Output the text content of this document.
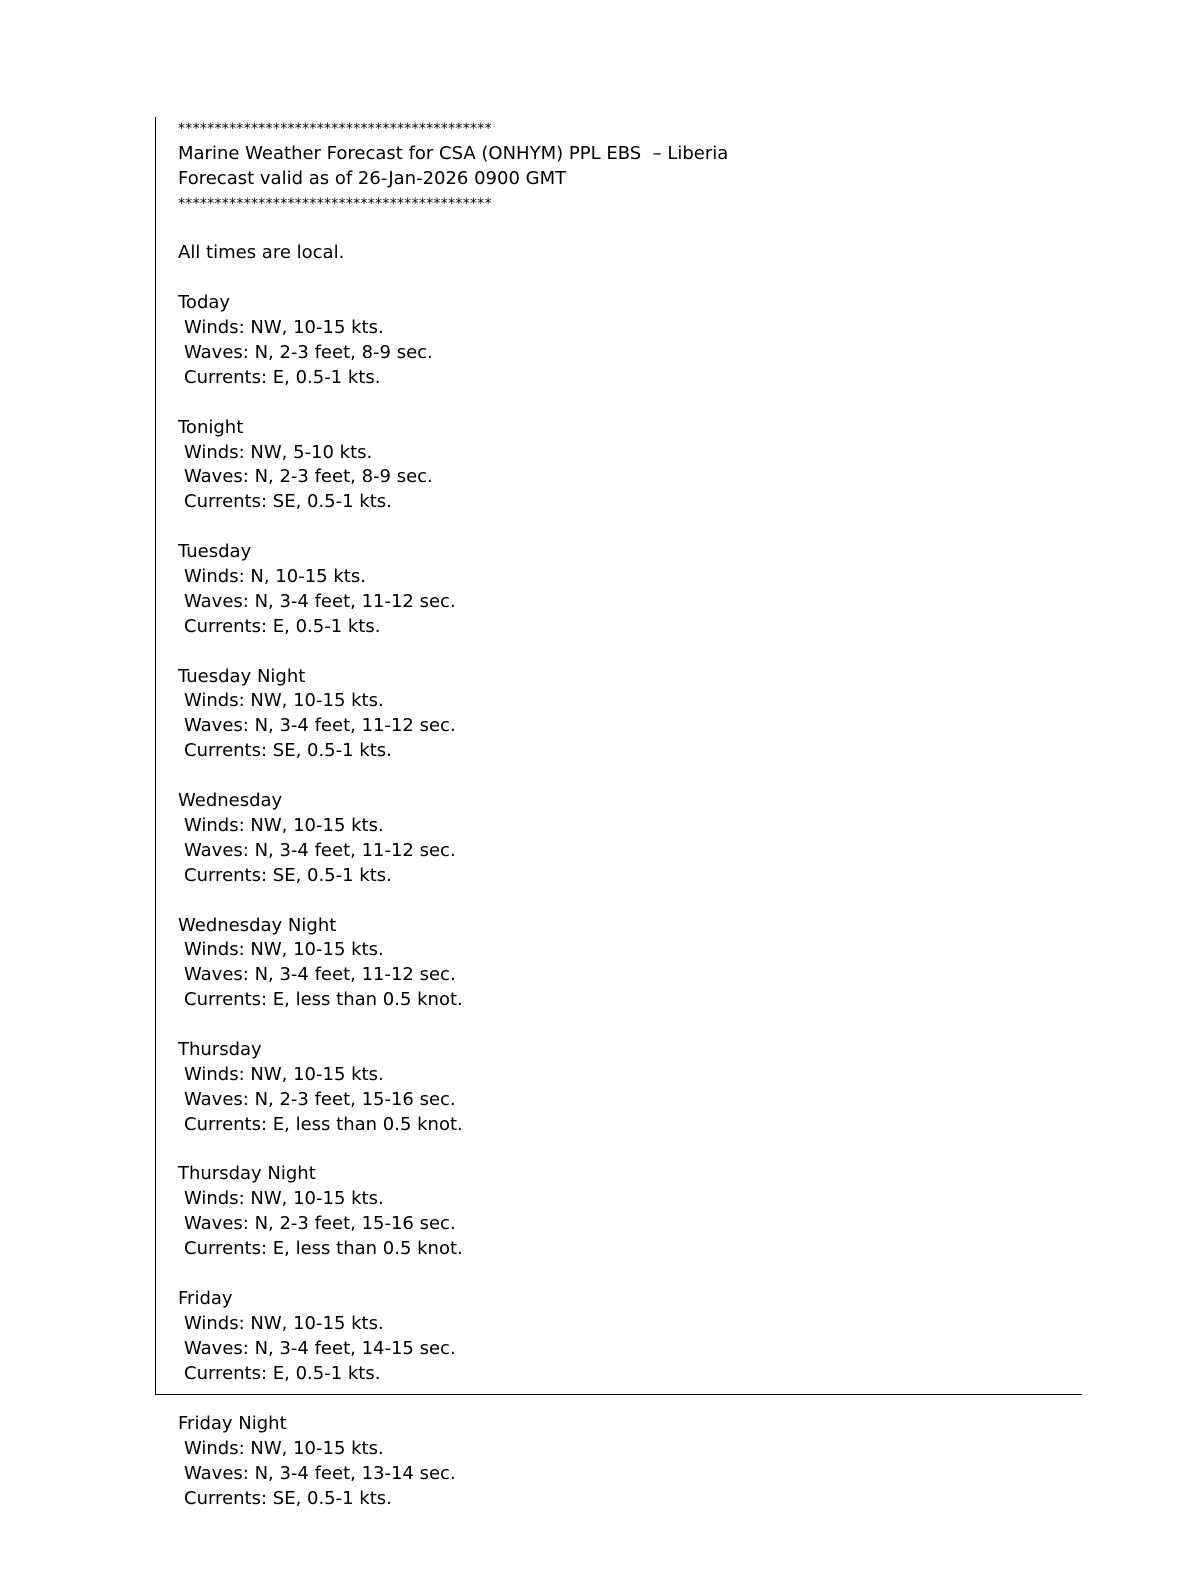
*******************************************
Marine Weather Forecast for CSA (ONHYM) PPL EBS  – Liberia
Forecast valid as of 26-Jan-2026 0900 GMT
*******************************************
All times are local.
Today
Winds: NW, 10-15 kts.
Waves: N, 2-3 feet, 8-9 sec.
Currents: E, 0.5-1 kts.
Tonight
Winds: NW, 5-10 kts.
Waves: N, 2-3 feet, 8-9 sec.
Currents: SE, 0.5-1 kts.
Tuesday
Winds: N, 10-15 kts.
Waves: N, 3-4 feet, 11-12 sec.
Currents: E, 0.5-1 kts.
Tuesday Night
Winds: NW, 10-15 kts.
Waves: N, 3-4 feet, 11-12 sec.
Currents: SE, 0.5-1 kts.
Wednesday
Winds: NW, 10-15 kts.
Waves: N, 3-4 feet, 11-12 sec.
Currents: SE, 0.5-1 kts.
Wednesday Night
Winds: NW, 10-15 kts.
Waves: N, 3-4 feet, 11-12 sec.
Currents: E, less than 0.5 knot.
Thursday
Winds: NW, 10-15 kts.
Waves: N, 2-3 feet, 15-16 sec.
Currents: E, less than 0.5 knot.
Thursday Night
Winds: NW, 10-15 kts.
Waves: N, 2-3 feet, 15-16 sec.
Currents: E, less than 0.5 knot.
Friday
Winds: NW, 10-15 kts.
Waves: N, 3-4 feet, 14-15 sec.
Currents: E, 0.5-1 kts.
Friday Night
Winds: NW, 10-15 kts.
Waves: N, 3-4 feet, 13-14 sec.
Currents: SE, 0.5-1 kts.
